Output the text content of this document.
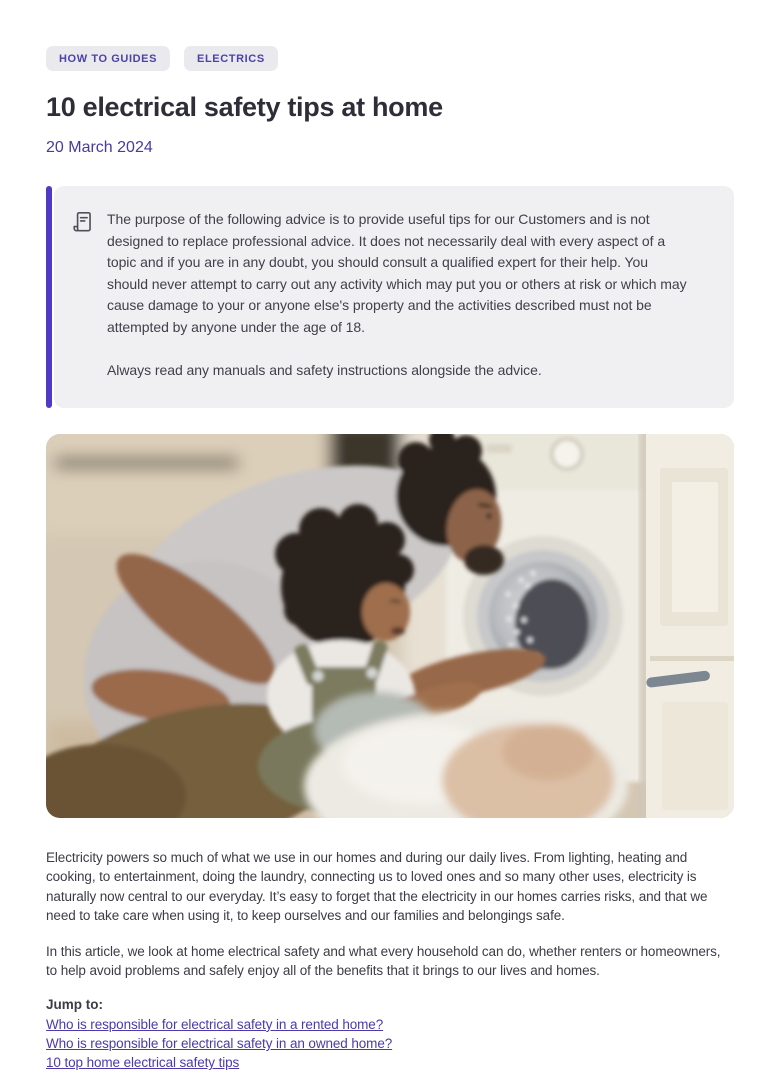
HOW TO GUIDES	ELECTRICS
10 electrical safety tips at home
20 March 2024

The purpose of the following advice is to provide useful tips for our Customers and is not designed to replace professional advice. It does not necessarily deal with every aspect of a topic and if you are in any doubt, you should consult a qualified expert for their help. You should never attempt to carry out any activity which may put you or others at risk or which may cause damage to your or anyone else's property and the activities described must not be attempted by anyone under the age of 18.

Always read any manuals and safety instructions alongside the advice.

Electricity powers so much of what we use in our homes and during our daily lives. From lighting, heating and cooking, to entertainment, doing the laundry, connecting us to loved ones and so many other uses, electricity is naturally now central to our everyday. It’s easy to forget that the electricity in our homes carries risks, and that we need to take care when using it, to keep ourselves and our families and belongings safe.

In this article, we look at home electrical safety and what every household can do, whether renters or homeowners, to help avoid problems and safely enjoy all of the benefits that it brings to our lives and homes.

Jump to:

Who is responsible for electrical safety in a rented home?
Who is responsible for electrical safety in an owned home?
10 top home electrical safety tips
